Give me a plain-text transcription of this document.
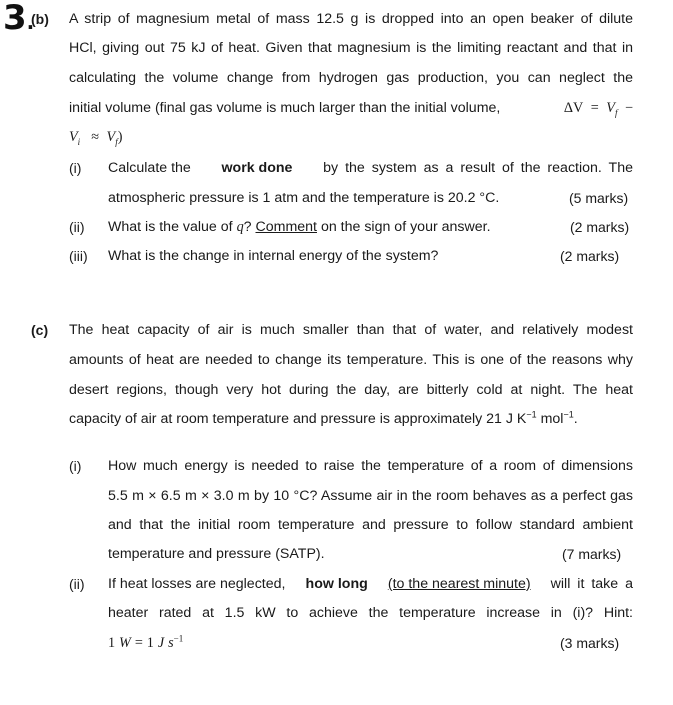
3.
(b) A strip of magnesium metal of mass 12.5 g is dropped into an open beaker of dilute
HCl, giving out 75 kJ of heat. Given that magnesium is the limiting reactant and that in
calculating the volume change from hydrogen gas production, you can neglect the
initial volume (final gas volume is much larger than the initial volume,	$\Delta V = V_f$ −
$V_i \approx V_f$)
(i) Calculate the work done by the system as a result of the reaction. The
atmospheric pressure is 1 atm and the temperature is 20.2 °C.	(5 marks)
(ii) What is the value of q? Comment on the sign of your answer.	(2 marks)
(iii) What is the change in internal energy of the system?	(2 marks)
(c) The heat capacity of air is much smaller than that of water, and relatively modest
amounts of heat are needed to change its temperature. This is one of the reasons why
desert regions, though very hot during the day, are bitterly cold at night. The heat
capacity of air at room temperature and pressure is approximately 21 J $K^{-1}$ mol$^{-1}$.
(i) How much energy is needed to raise the temperature of a room of dimensions
5.5 m × 6.5 m × 3.0 m by 10 °C? Assume air in the room behaves as a perfect gas
and that the initial room temperature and pressure to follow standard ambient
temperature and pressure (SATP).	(7 marks)
(ii) If heat losses are neglected, how long (to the nearest minute) will it take a
heater rated at 1.5 kW to achieve the temperature increase in (i)? Hint:
1 W = 1 J $s^{-1}$	(3 marks)
